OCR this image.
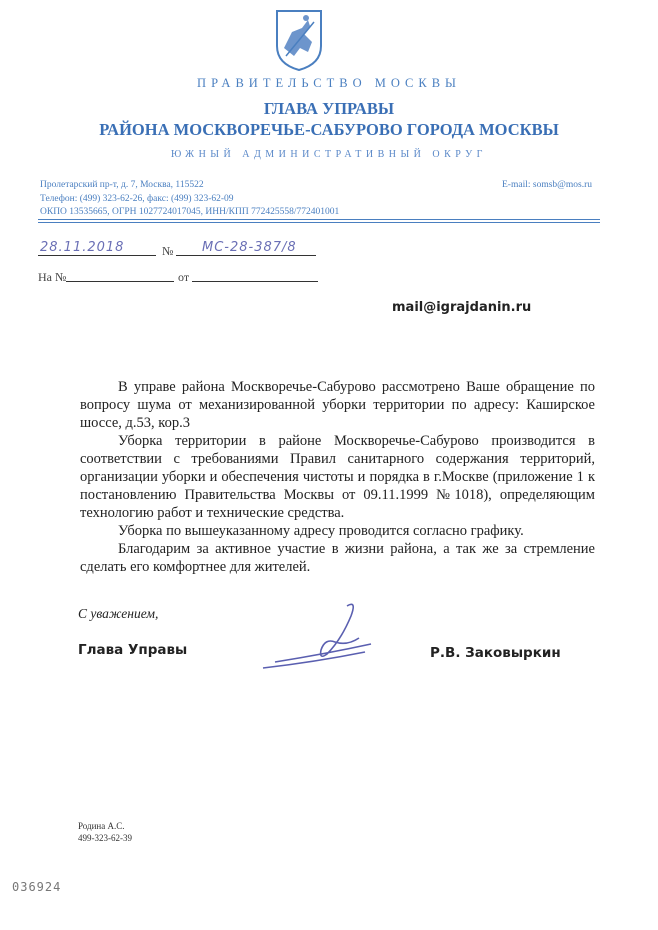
ПРАВИТЕЛЬСТВО МОСКВЫ
ГЛАВА УПРАВЫ
РАЙОНА МОСКВОРЕЧЬЕ-САБУРОВО ГОРОДА МОСКВЫ
ЮЖНЫЙ АДМИНИСТРАТИВНЫЙ ОКРУГ
Пролетарский пр-т, д. 7, Москва, 115522
Телефон: (499) 323-62-26, факс: (499) 323-62-09
ОКПО 13535665, ОГРН 1027724017045, ИНН/КПП 772425558/772401001
E-mail: somsb@mos.ru
28.11.2018	№ МС-28-387/8
На №	от
mail@igrajdanin.ru

В управе района Москворечье-Сабурово рассмотрено Ваше обращение по вопросу шума от механизированной уборки территории по адресу: Каширское шоссе, д.53, кор.3

Уборка территории в районе Москворечье-Сабурово производится в соответствии с требованиями Правил санитарного содержания территорий, организации уборки и обеспечения чистоты и порядка в г.Москве (приложение 1 к постановлению Правительства Москвы от 09.11.1999 №1018), определяющим технологию работ и технические средства.

Уборка по вышеуказанному адресу проводится согласно графику.

Благодарим за активное участие в жизни района, а так же за стремление сделать его комфортнее для жителей.

С уважением,
Глава Управы	Р.В. Заковыркин
Родина А.С.
499-323-62-39
036924
